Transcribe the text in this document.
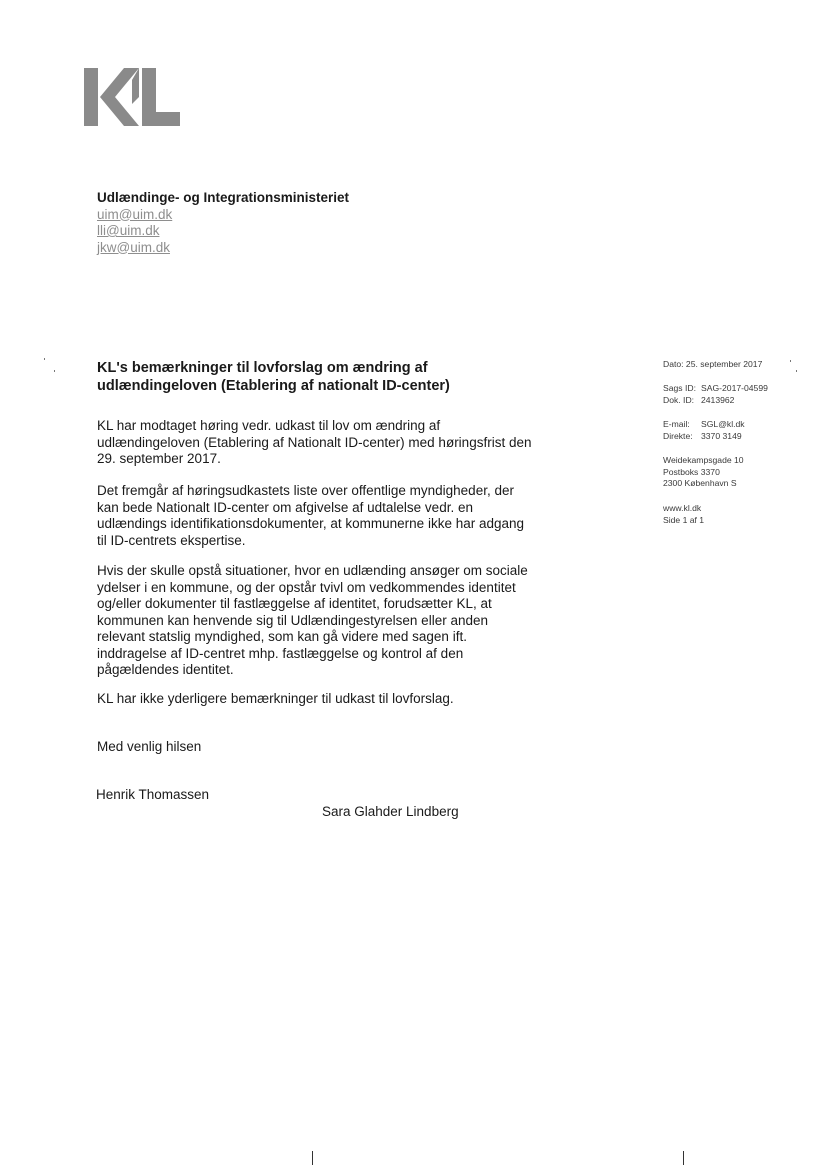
Udlændinge- og Integrationsministeriet
uim@uim.dk
lli@uim.dk
jkw@uim.dk
KL's bemærkninger til lovforslag om ændring af
udlændingeloven (Etablering af nationalt ID-center)

KL har modtaget høring vedr. udkast til lov om ændring af

udlændingeloven (Etablering af Nationalt ID-center) med høringsfrist den

29. september 2017.

Det fremgår af høringsudkastets liste over offentlige myndigheder, der

kan bede Nationalt ID-center om afgivelse af udtalelse vedr. en

udlændings identifikationsdokumenter, at kommunerne ikke har adgang

til ID-centrets ekspertise.

Hvis der skulle opstå situationer, hvor en udlænding ansøger om sociale

ydelser i en kommune, og der opstår tvivl om vedkommendes identitet

og/eller dokumenter til fastlæggelse af identitet, forudsætter KL, at

kommunen kan henvende sig til Udlændingestyrelsen eller anden

relevant statslig myndighed, som kan gå videre med sagen ift.

inddragelse af ID-centret mhp. fastlæggelse og kontrol af den

pågældendes identitet.

KL har ikke yderligere bemærkninger til udkast til lovforslag.

Med venlig hilsen
Henrik Thomassen
Sara Glahder Lindberg
Dato: 25. september 2017
Sags ID: SAG-2017-04599
Dok. ID: 2413962
E-mail: SGL@kl.dk
Direkte: 3370 3149
Weidekampsgade 10
Postboks 3370
2300 København S
www.kl.dk
Side 1 af 1
